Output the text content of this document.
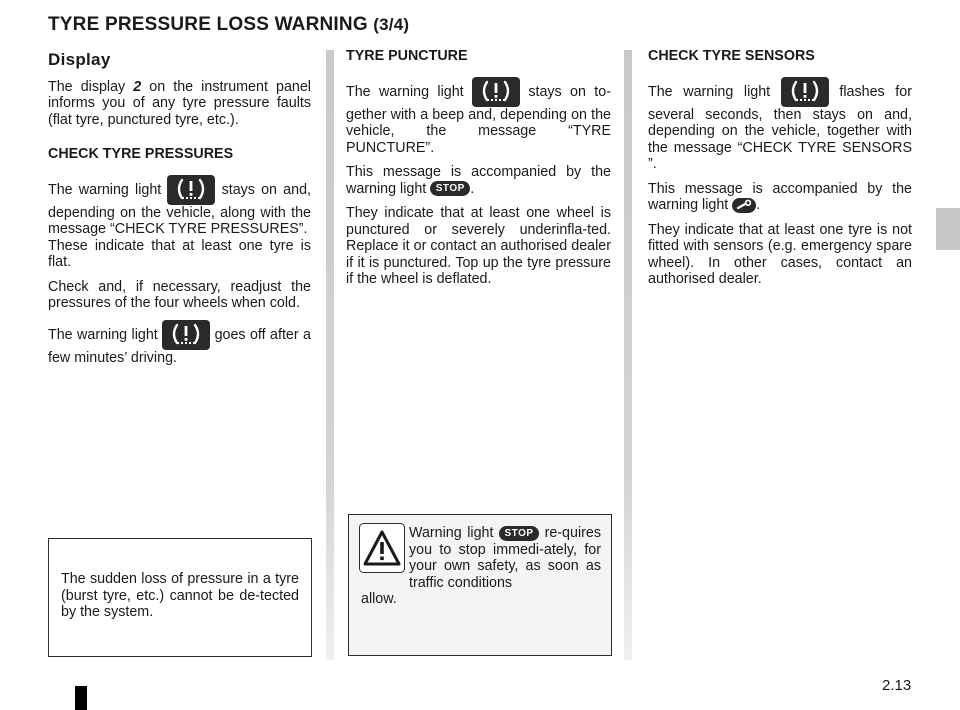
TYRE PRESSURE LOSS WARNING (3/4)
Display

The display 2 on the instrument panel informs you of any tyre pressure faults (flat tyre, punctured tyre, etc.).

CHECK TYRE PRESSURES

The warning light	stays on and, depending on the vehicle, along with the message “CHECK TYRE PRESSURES”.

These indicate that at least one tyre is flat.

Check and, if necessary, readjust the pressures of the four wheels when cold.

The warning light	goes off after a few minutes’ driving.

TYRE PUNCTURE

The warning light	stays on to-gether with a beep and, depending on the vehicle, the message “TYRE PUNCTURE”.

This message is accompanied by the warning light STOP .

They indicate that at least one wheel is punctured or severely underinfla-ted. Replace it or contact an authorised dealer if it is punctured. Top up the tyre pressure if the wheel is deflated.

CHECK TYRE SENSORS

The warning light	flashes for several seconds, then stays on and, depending on the vehicle, together with the message “CHECK TYRE SENSORS ”.

This message is accompanied by the warning light
.

They indicate that at least one tyre is not fitted with sensors (e.g. emergency spare wheel). In other cases, contact an authorised dealer.

The sudden loss of pressure in a tyre (burst tyre, etc.) cannot be de-tected by the system.

Warning light STOP re-quires you to stop immedi-ately, for your own safety, as soon as traffic conditions
allow.
2.13
